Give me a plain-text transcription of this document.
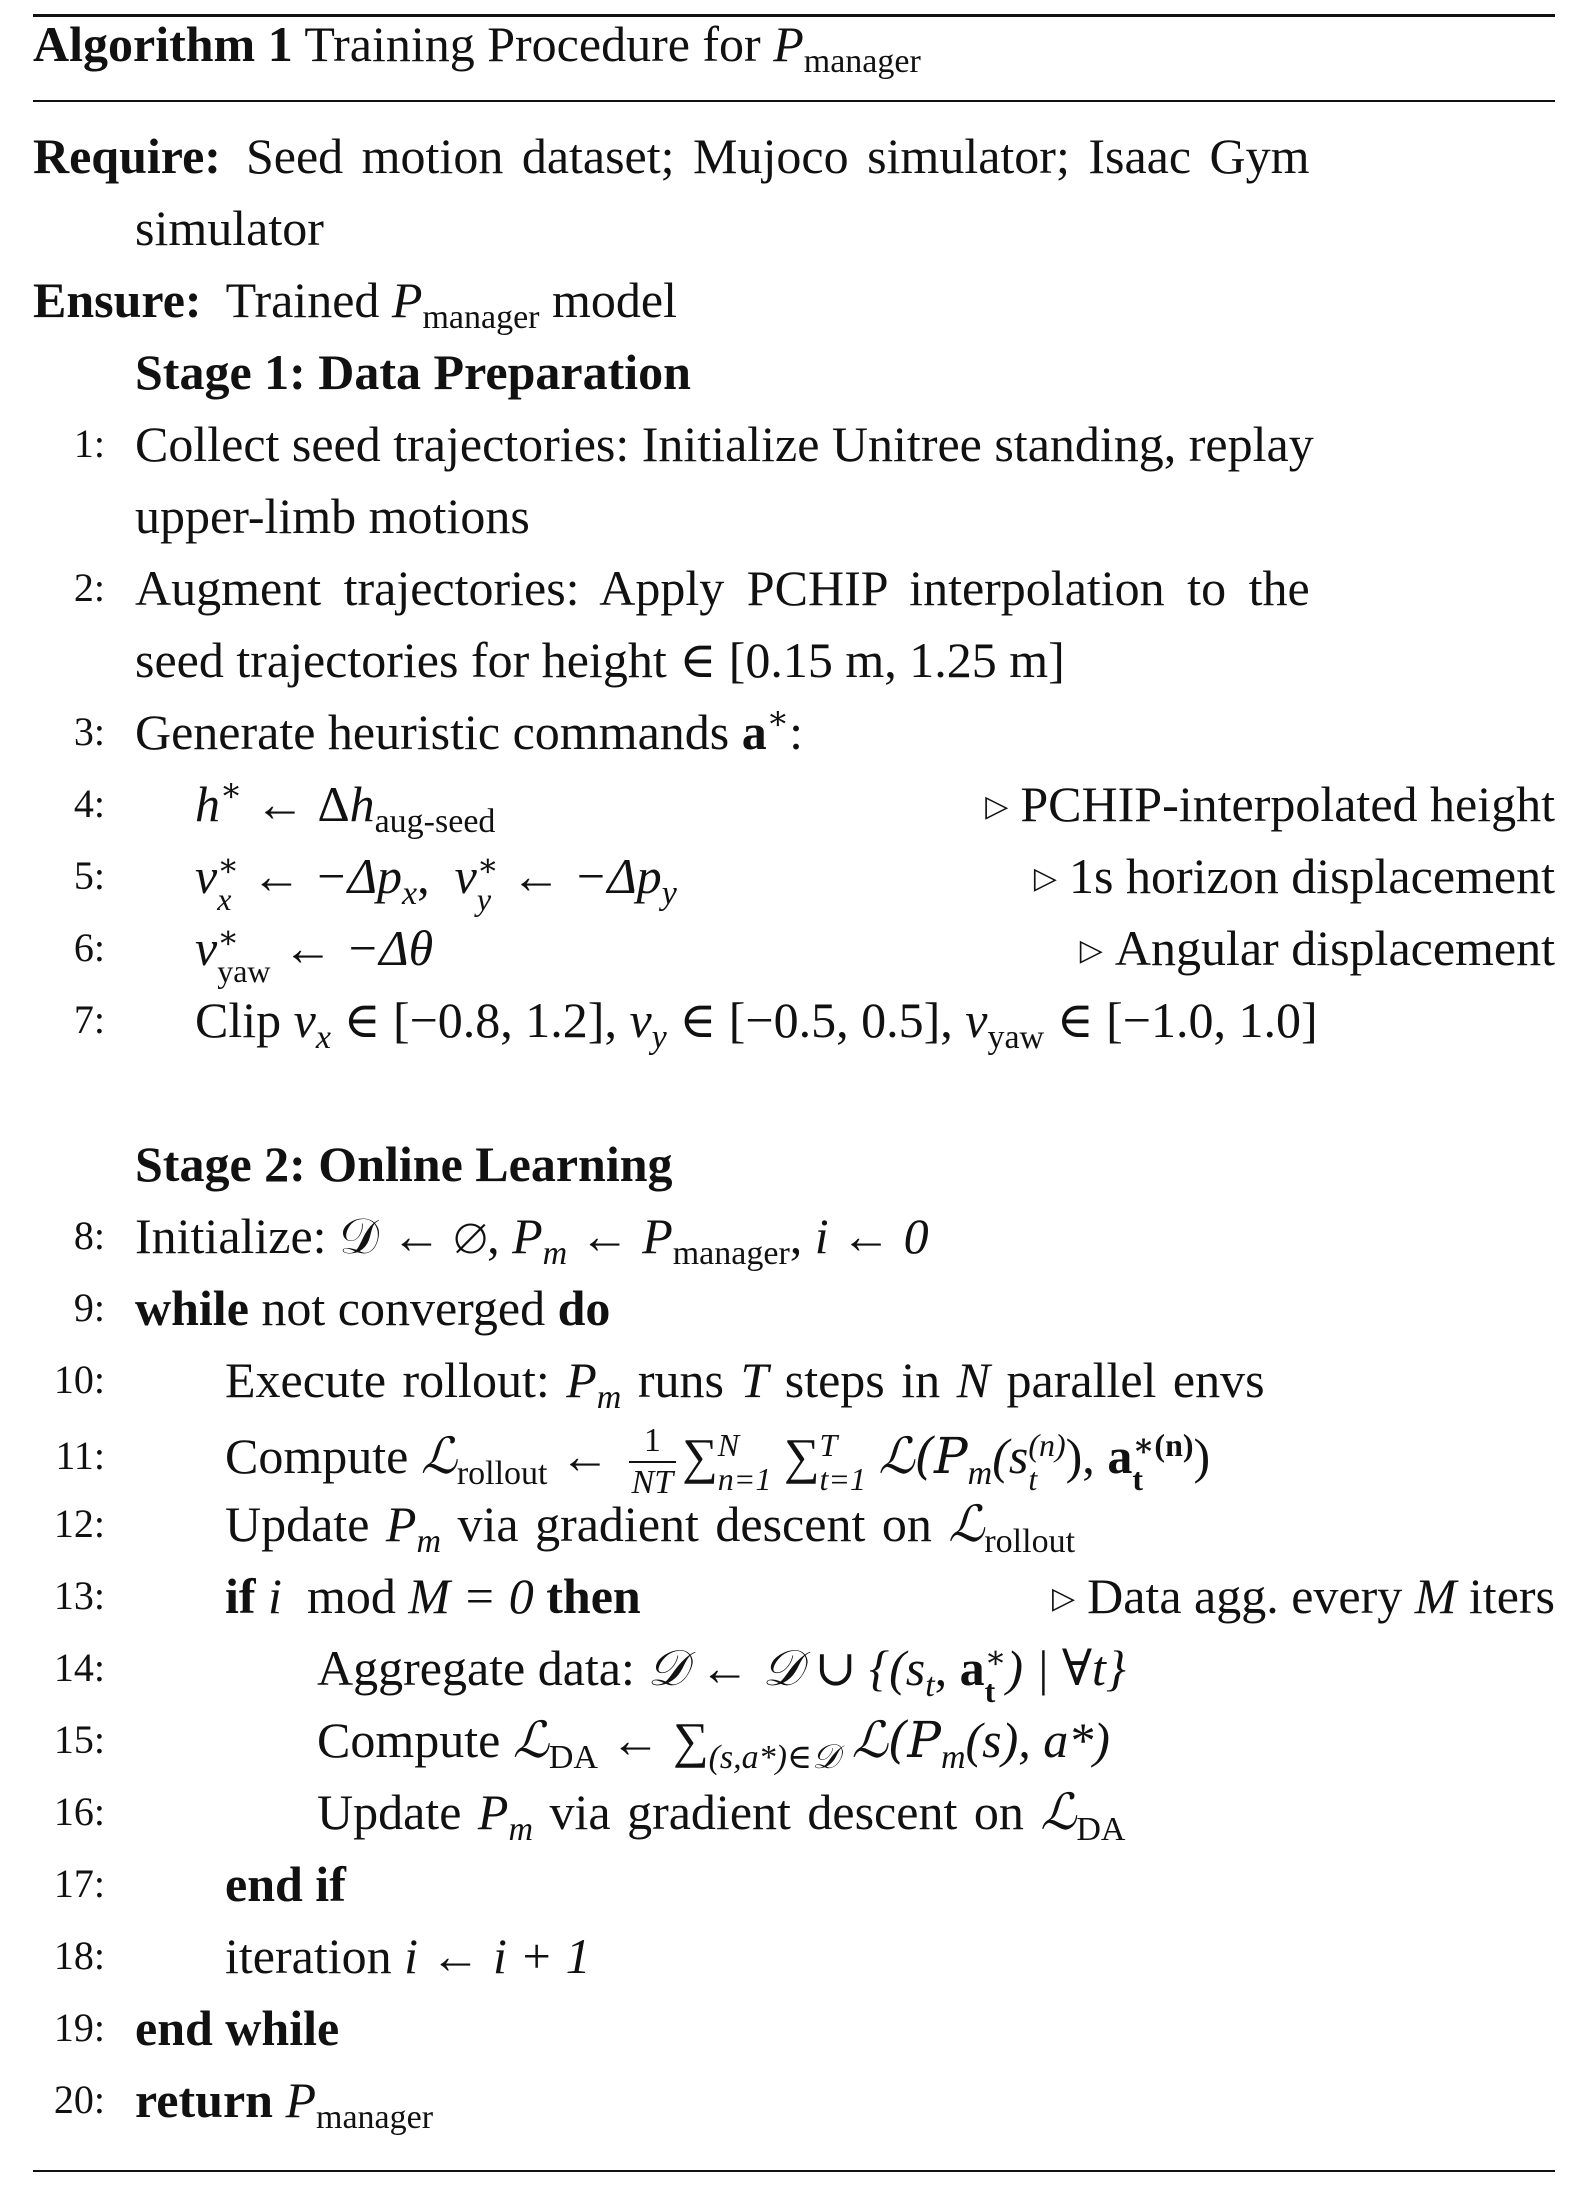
Algorithm 1 Training Procedure for $P_{manager}$
Require: Seed motion dataset; Mujoco simulator; Isaac Gym
simulator
Ensure: Trained $P_{manager}$ model
Stage 1: Data Preparation
1: Collect seed trajectories: Initialize Unitree standing, replay
upper-limb motions
2: Augment trajectories: Apply PCHIP interpolation to the
seed trajectories for height ∈ [0.15 m, 1.25 m]
3: Generate heuristic commands a∗:
4: h∗ ← $\Delta h_{aug-seed}$	▷ PCHIP-interpolated height
5: v ∗
x ← $-\Delta p_x$,  v ∗
y ← $-\Delta p_y$	▷ 1s horizon displacement
6: v ∗
yaw ← −Δθ	▷ Angular displacement
7: Clip $v_x$ ∈ [−0.8, 1.2], $v_y$ ∈ [−0.5, 0.5], $v_{yaw}$ ∈ [−1.0, 1.0]
Stage 2: Online Learning
8: Initialize: 𝒟 ← ∅, $P_m$ ← $P_{manager}$, i ← 0
9: while not converged do
10: Execute rollout: $P_m$ runs T steps in N parallel envs
11: Compute ℒ$_{rollout}$ ← $\frac{1}{NT}$ ∑ N
n=1 ∑ T
t=1 $ℒ(P_m(s$ (n)
t ), a ∗(n)
t	)
12: Update $P_m$ via gradient descent on ℒ$_{rollout}$
13: if i mod M = 0 then	▷ Data agg. every M iters
14:	Aggregate data: 𝒟 ← 𝒟 ∪ {($s_t$, a ∗
t ) | ∀t}
15:	Compute ℒ$_{DA}$ ← $\sum_{(s,a*)\in 𝒟}$ $ℒ(P_m(s)$, a*)
16:	Update $P_m$ via gradient descent on ℒ$_{DA}$
17: end if
18: iteration i ← i + 1
19: end while
20: return $P_{manager}$
